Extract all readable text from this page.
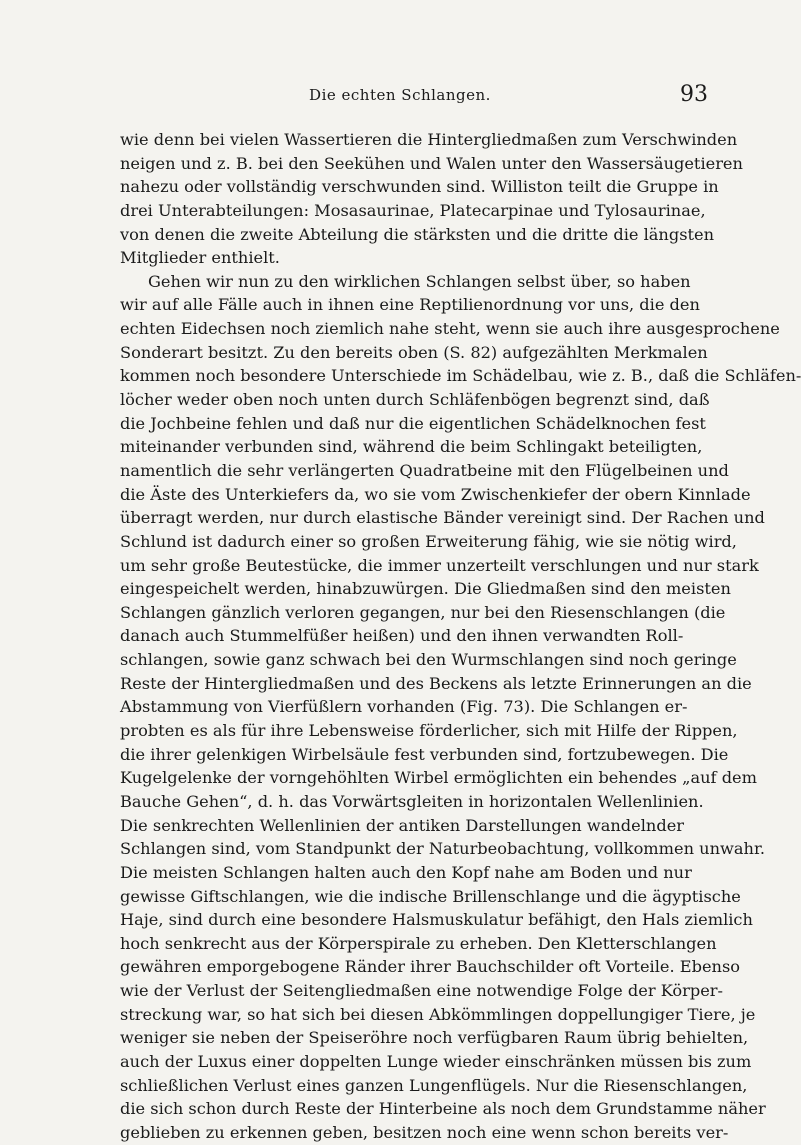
Die echten Schlangen.	93
wie denn bei vielen Wassertieren die Hintergliedmaßen zum Verschwinden
neigen und z. B. bei den Seekühen und Walen unter den Wassersäugetieren
nahezu oder vollständig verschwunden sind. Williston teilt die Gruppe in
drei Unterabteilungen: Mosasaurinae, Platecarpinae und Tylosaurinae,
von denen die zweite Abteilung die stärksten und die dritte die längsten
Mitglieder enthielt.
Gehen wir nun zu den wirklichen Schlangen selbst über, so haben
wir auf alle Fälle auch in ihnen eine Reptilienordnung vor uns, die den
echten Eidechsen noch ziemlich nahe steht, wenn sie auch ihre ausgesprochene
Sonderart besitzt. Zu den bereits oben (S. 82) aufgezählten Merkmalen
kommen noch besondere Unterschiede im Schädelbau, wie z. B., daß die Schläfen-
löcher weder oben noch unten durch Schläfenbögen begrenzt sind, daß
die Jochbeine fehlen und daß nur die eigentlichen Schädelknochen fest
miteinander verbunden sind, während die beim Schlingakt beteiligten,
namentlich die sehr verlängerten Quadratbeine mit den Flügelbeinen und
die Äste des Unterkiefers da, wo sie vom Zwischenkiefer der obern Kinnlade
überragt werden, nur durch elastische Bänder vereinigt sind. Der Rachen und
Schlund ist dadurch einer so großen Erweiterung fähig, wie sie nötig wird,
um sehr große Beutestücke, die immer unzerteilt verschlungen und nur stark
eingespeichelt werden, hinabzuwürgen. Die Gliedmaßen sind den meisten
Schlangen gänzlich verloren gegangen, nur bei den Riesenschlangen (die
danach auch Stummelfüßer heißen) und den ihnen verwandten Roll-
schlangen, sowie ganz schwach bei den Wurmschlangen sind noch geringe
Reste der Hintergliedmaßen und des Beckens als letzte Erinnerungen an die
Abstammung von Vierfüßlern vorhanden (Fig. 73). Die Schlangen er-
probten es als für ihre Lebensweise förderlicher, sich mit Hilfe der Rippen,
die ihrer gelenkigen Wirbelsäule fest verbunden sind, fortzubewegen. Die
Kugelgelenke der vorngehöhlten Wirbel ermöglichten ein behendes „auf dem
Bauche Gehen“, d. h. das Vorwärtsgleiten in horizontalen Wellenlinien.
Die senkrechten Wellenlinien der antiken Darstellungen wandelnder
Schlangen sind, vom Standpunkt der Naturbeobachtung, vollkommen unwahr.
Die meisten Schlangen halten auch den Kopf nahe am Boden und nur
gewisse Giftschlangen, wie die indische Brillenschlange und die ägyptische
Haje, sind durch eine besondere Halsmuskulatur befähigt, den Hals ziemlich
hoch senkrecht aus der Körperspirale zu erheben. Den Kletterschlangen
gewähren emporgebogene Ränder ihrer Bauchschilder oft Vorteile. Ebenso
wie der Verlust der Seitengliedmaßen eine notwendige Folge der Körper-
streckung war, so hat sich bei diesen Abkömmlingen doppellungiger Tiere, je
weniger sie neben der Speiseröhre noch verfügbaren Raum übrig behielten,
auch der Luxus einer doppelten Lunge wieder einschränken müssen bis zum
schließlichen Verlust eines ganzen Lungenflügels. Nur die Riesenschlangen,
die sich schon durch Reste der Hinterbeine als noch dem Grundstamme näher
geblieben zu erkennen geben, besitzen noch eine wenn schon bereits ver-
